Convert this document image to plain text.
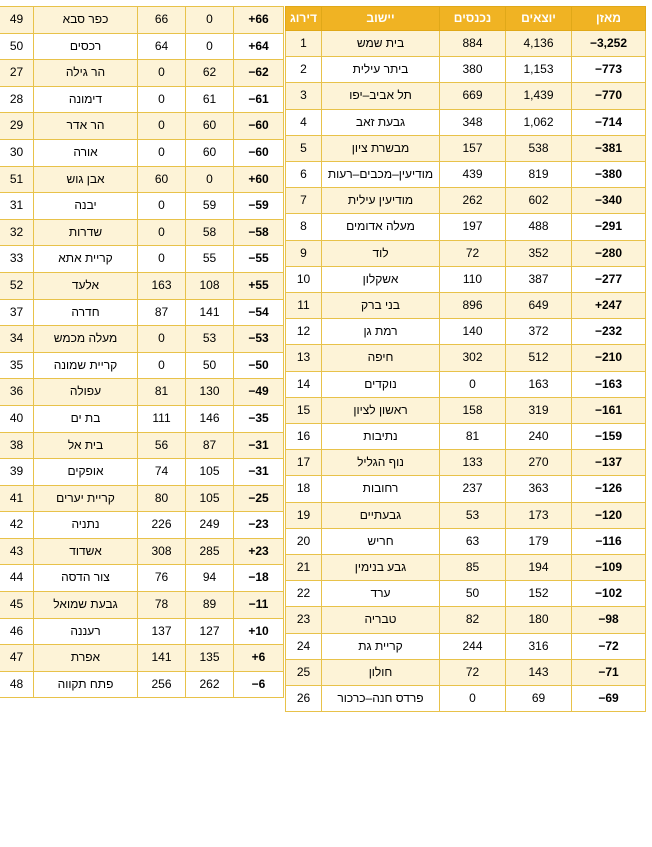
מאזן	יוצאים	נכנסים	יישוב	דירוג
−3,252	4,136	884	בית שמש	1
−773	1,153	380	ביתר עילית	2
−770	1,439	669	תל אביב–יפו	3
−714	1,062	348	גבעת זאב	4
−381	538	157	מבשרת ציון	5
−380	819	439	מודיעין–מכבים–רעות	6
−340	602	262	מודיעין עילית	7
−291	488	197	מעלה אדומים	8
−280	352	72	לוד	9
−277	387	110	אשקלון	10
+247	649	896	בני ברק	11
−232	372	140	רמת גן	12
−210	512	302	חיפה	13
−163	163	0	נוקדים	14
−161	319	158	ראשון לציון	15
−159	240	81	נתיבות	16
−137	270	133	נוף הגליל	17
−126	363	237	רחובות	18
−120	173	53	גבעתיים	19
−116	179	63	חריש	20
−109	194	85	גבע בנימין	21
−102	152	50	ערד	22
−98	180	82	טבריה	23
−72	316	244	קריית גת	24
−71	143	72	חולון	25
−69	69	0	פרדס חנה–כרכור	26
+66	0	66	כפר סבא	49
+64	0	64	רכסים	50
−62	62	0	הר גילה	27
−61	61	0	דימונה	28
−60	60	0	הר אדר	29
−60	60	0	אורה	30
+60	0	60	אבן גוש	51
−59	59	0	יבנה	31
−58	58	0	שדרות	32
−55	55	0	קריית אתא	33
+55	108	163	אלעד	52
−54	141	87	חדרה	37
−53	53	0	מעלה מכמש	34
−50	50	0	קריית שמונה	35
−49	130	81	עפולה	36
−35	146	111	בת ים	40
−31	87	56	בית אל	38
−31	105	74	אופקים	39
−25	105	80	קריית יערים	41
−23	249	226	נתניה	42
+23	285	308	אשדוד	43
−18	94	76	צור הדסה	44
−11	89	78	גבעת שמואל	45
+10	127	137	רעננה	46
+6	135	141	אפרת	47
−6	262	256	פתח תקווה	48
